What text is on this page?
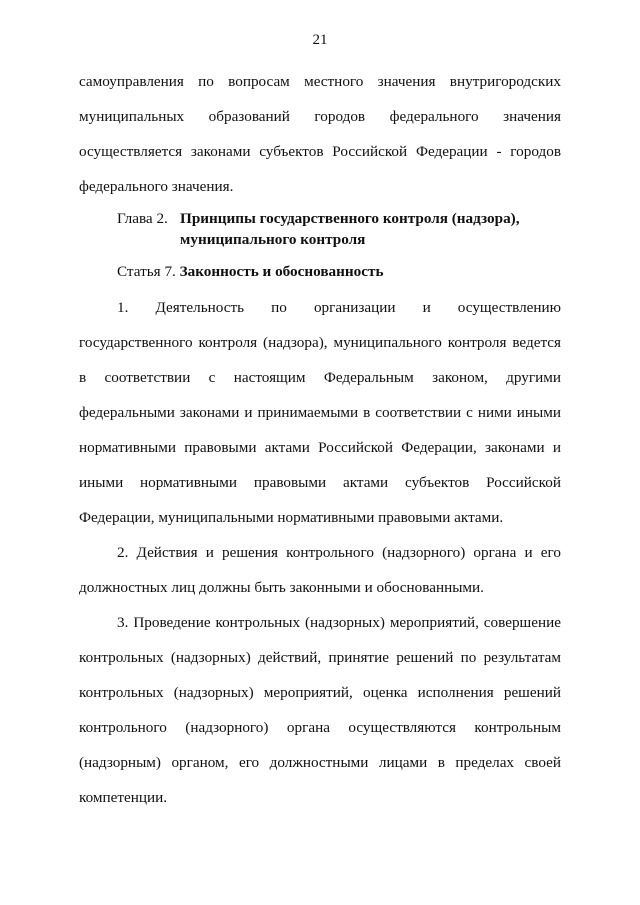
21

самоуправления по вопросам местного значения внутригородских муниципальных образований городов федерального значения осуществляется законами субъектов Российской Федерации - городов федерального значения.

Глава 2. Принципы государственного контроля (надзора), муниципального контроля
Статья 7. Законность и обоснованность

1. Деятельность по организации и осуществлению государственного контроля (надзора), муниципального контроля ведется в соответствии с настоящим Федеральным законом, другими федеральными законами и принимаемыми в соответствии с ними иными нормативными правовыми актами Российской Федерации, законами и иными нормативными правовыми актами субъектов Российской Федерации, муниципальными нормативными правовыми актами.

2. Действия и решения контрольного (надзорного) органа и его должностных лиц должны быть законными и обоснованными.

3. Проведение контрольных (надзорных) мероприятий, совершение контрольных (надзорных) действий, принятие решений по результатам контрольных (надзорных) мероприятий, оценка исполнения решений контрольного (надзорного) органа осуществляются контрольным (надзорным) органом, его должностными лицами в пределах своей компетенции.
